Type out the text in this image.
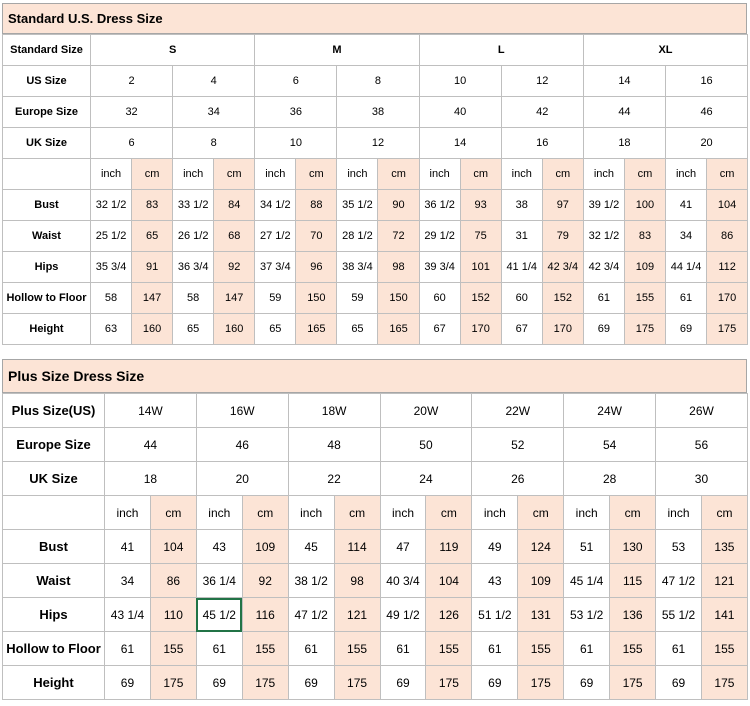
Standard U.S. Dress Size
Standard Size	S				M				L				XL			
US Size	2		4		6		8		10		12		14		16	
Europe Size	32		34		36		38		40		42		44		46	
UK Size	6		8		10		12		14		16		18		20	
	inch	cm	inch	cm	inch	cm	inch	cm	inch	cm	inch	cm	inch	cm	inch	cm
Bust	32 1/2	83	33 1/2	84	34 1/2	88	35 1/2	90	36 1/2	93	38	97	39 1/2	100	41	104
Waist	25 1/2	65	26 1/2	68	27 1/2	70	28 1/2	72	29 1/2	75	31	79	32 1/2	83	34	86
Hips	35 3/4	91	36 3/4	92	37 3/4	96	38 3/4	98	39 3/4	101	41 1/4	42 3/4	42 3/4	109	44 1/4	112
Hollow to Floor	58	147	58	147	59	150	59	150	60	152	60	152	61	155	61	170
Height	63	160	65	160	65	165	65	165	67	170	67	170	69	175	69	175
Plus Size Dress Size
Plus Size(US)	14W		16W		18W		20W		22W		24W		26W	
Europe Size	44		46		48		50		52		54		56	
UK Size	18		20		22		24		26		28		30	
	inch	cm	inch	cm	inch	cm	inch	cm	inch	cm	inch	cm	inch	cm
Bust	41	104	43	109	45	114	47	119	49	124	51	130	53	135
Waist	34	86	36 1/4	92	38 1/2	98	40 3/4	104	43	109	45 1/4	115	47 1/2	121
Hips	43 1/4	110	45 1/2	116	47 1/2	121	49 1/2	126	51 1/2	131	53 1/2	136	55 1/2	141
Hollow to Floor	61	155	61	155	61	155	61	155	61	155	61	155	61	155
Height	69	175	69	175	69	175	69	175	69	175	69	175	69	175
